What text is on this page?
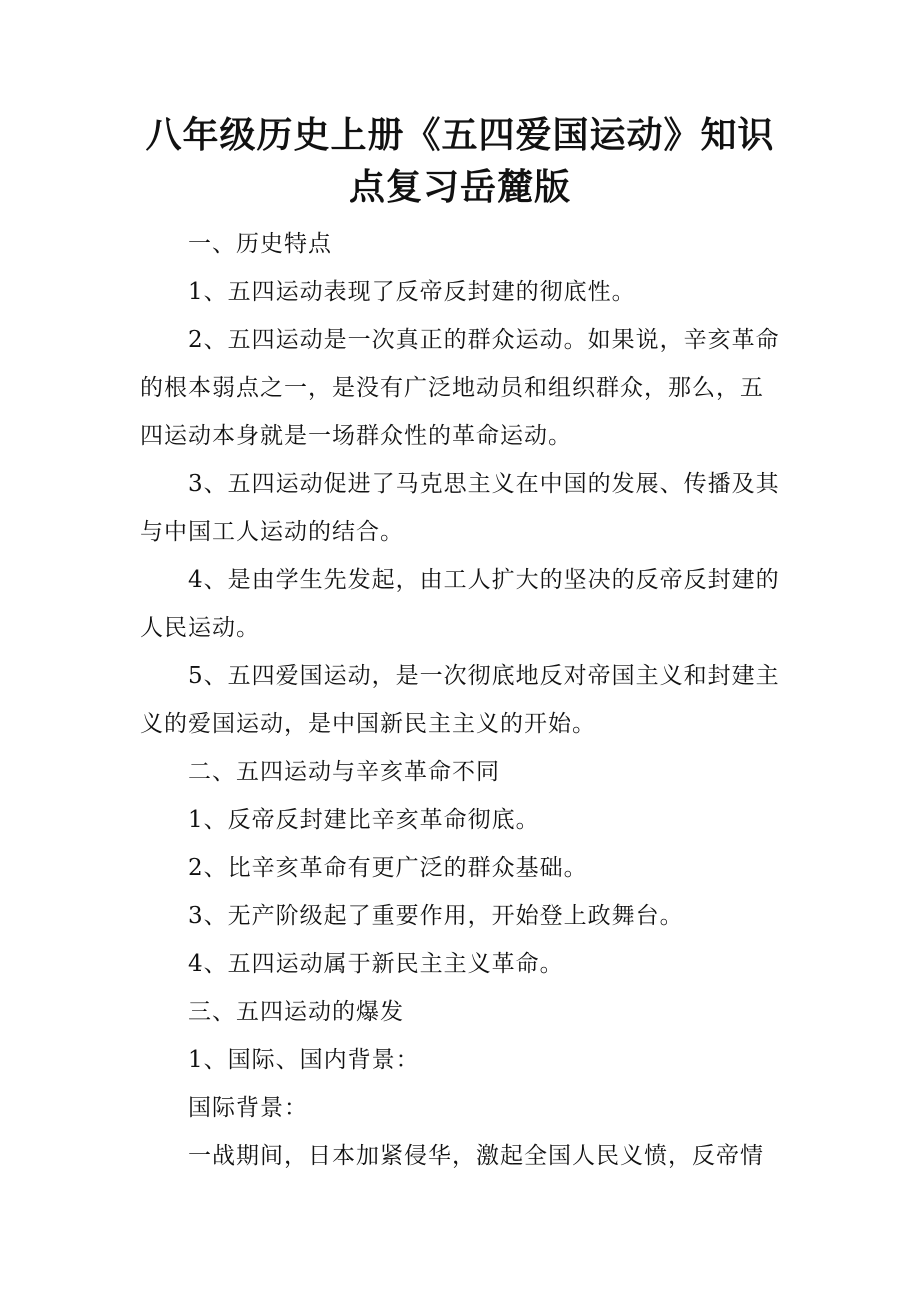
八年级历史上册《五四爱国运动》知识
点复习岳麓版

一、历史特点

1、五四运动表现了反帝反封建的彻底性。

2、五四运动是一次真正的群众运动。如果说，辛亥革命的根本弱点之一，是没有广泛地动员和组织群众，那么，五四运动本身就是一场群众性的革命运动。

3、五四运动促进了马克思主义在中国的发展、传播及其与中国工人运动的结合。

4、是由学生先发起，由工人扩大的坚决的反帝反封建的人民运动。

5、五四爱国运动，是一次彻底地反对帝国主义和封建主义的爱国运动，是中国新民主主义的开始。

二、五四运动与辛亥革命不同

1、反帝反封建比辛亥革命彻底。

2、比辛亥革命有更广泛的群众基础。

3、无产阶级起了重要作用，开始登上政舞台。

4、五四运动属于新民主主义革命。

三、五四运动的爆发

1、国际、国内背景：

国际背景：

一战期间，日本加紧侵华，激起全国人民义愤，反帝情
